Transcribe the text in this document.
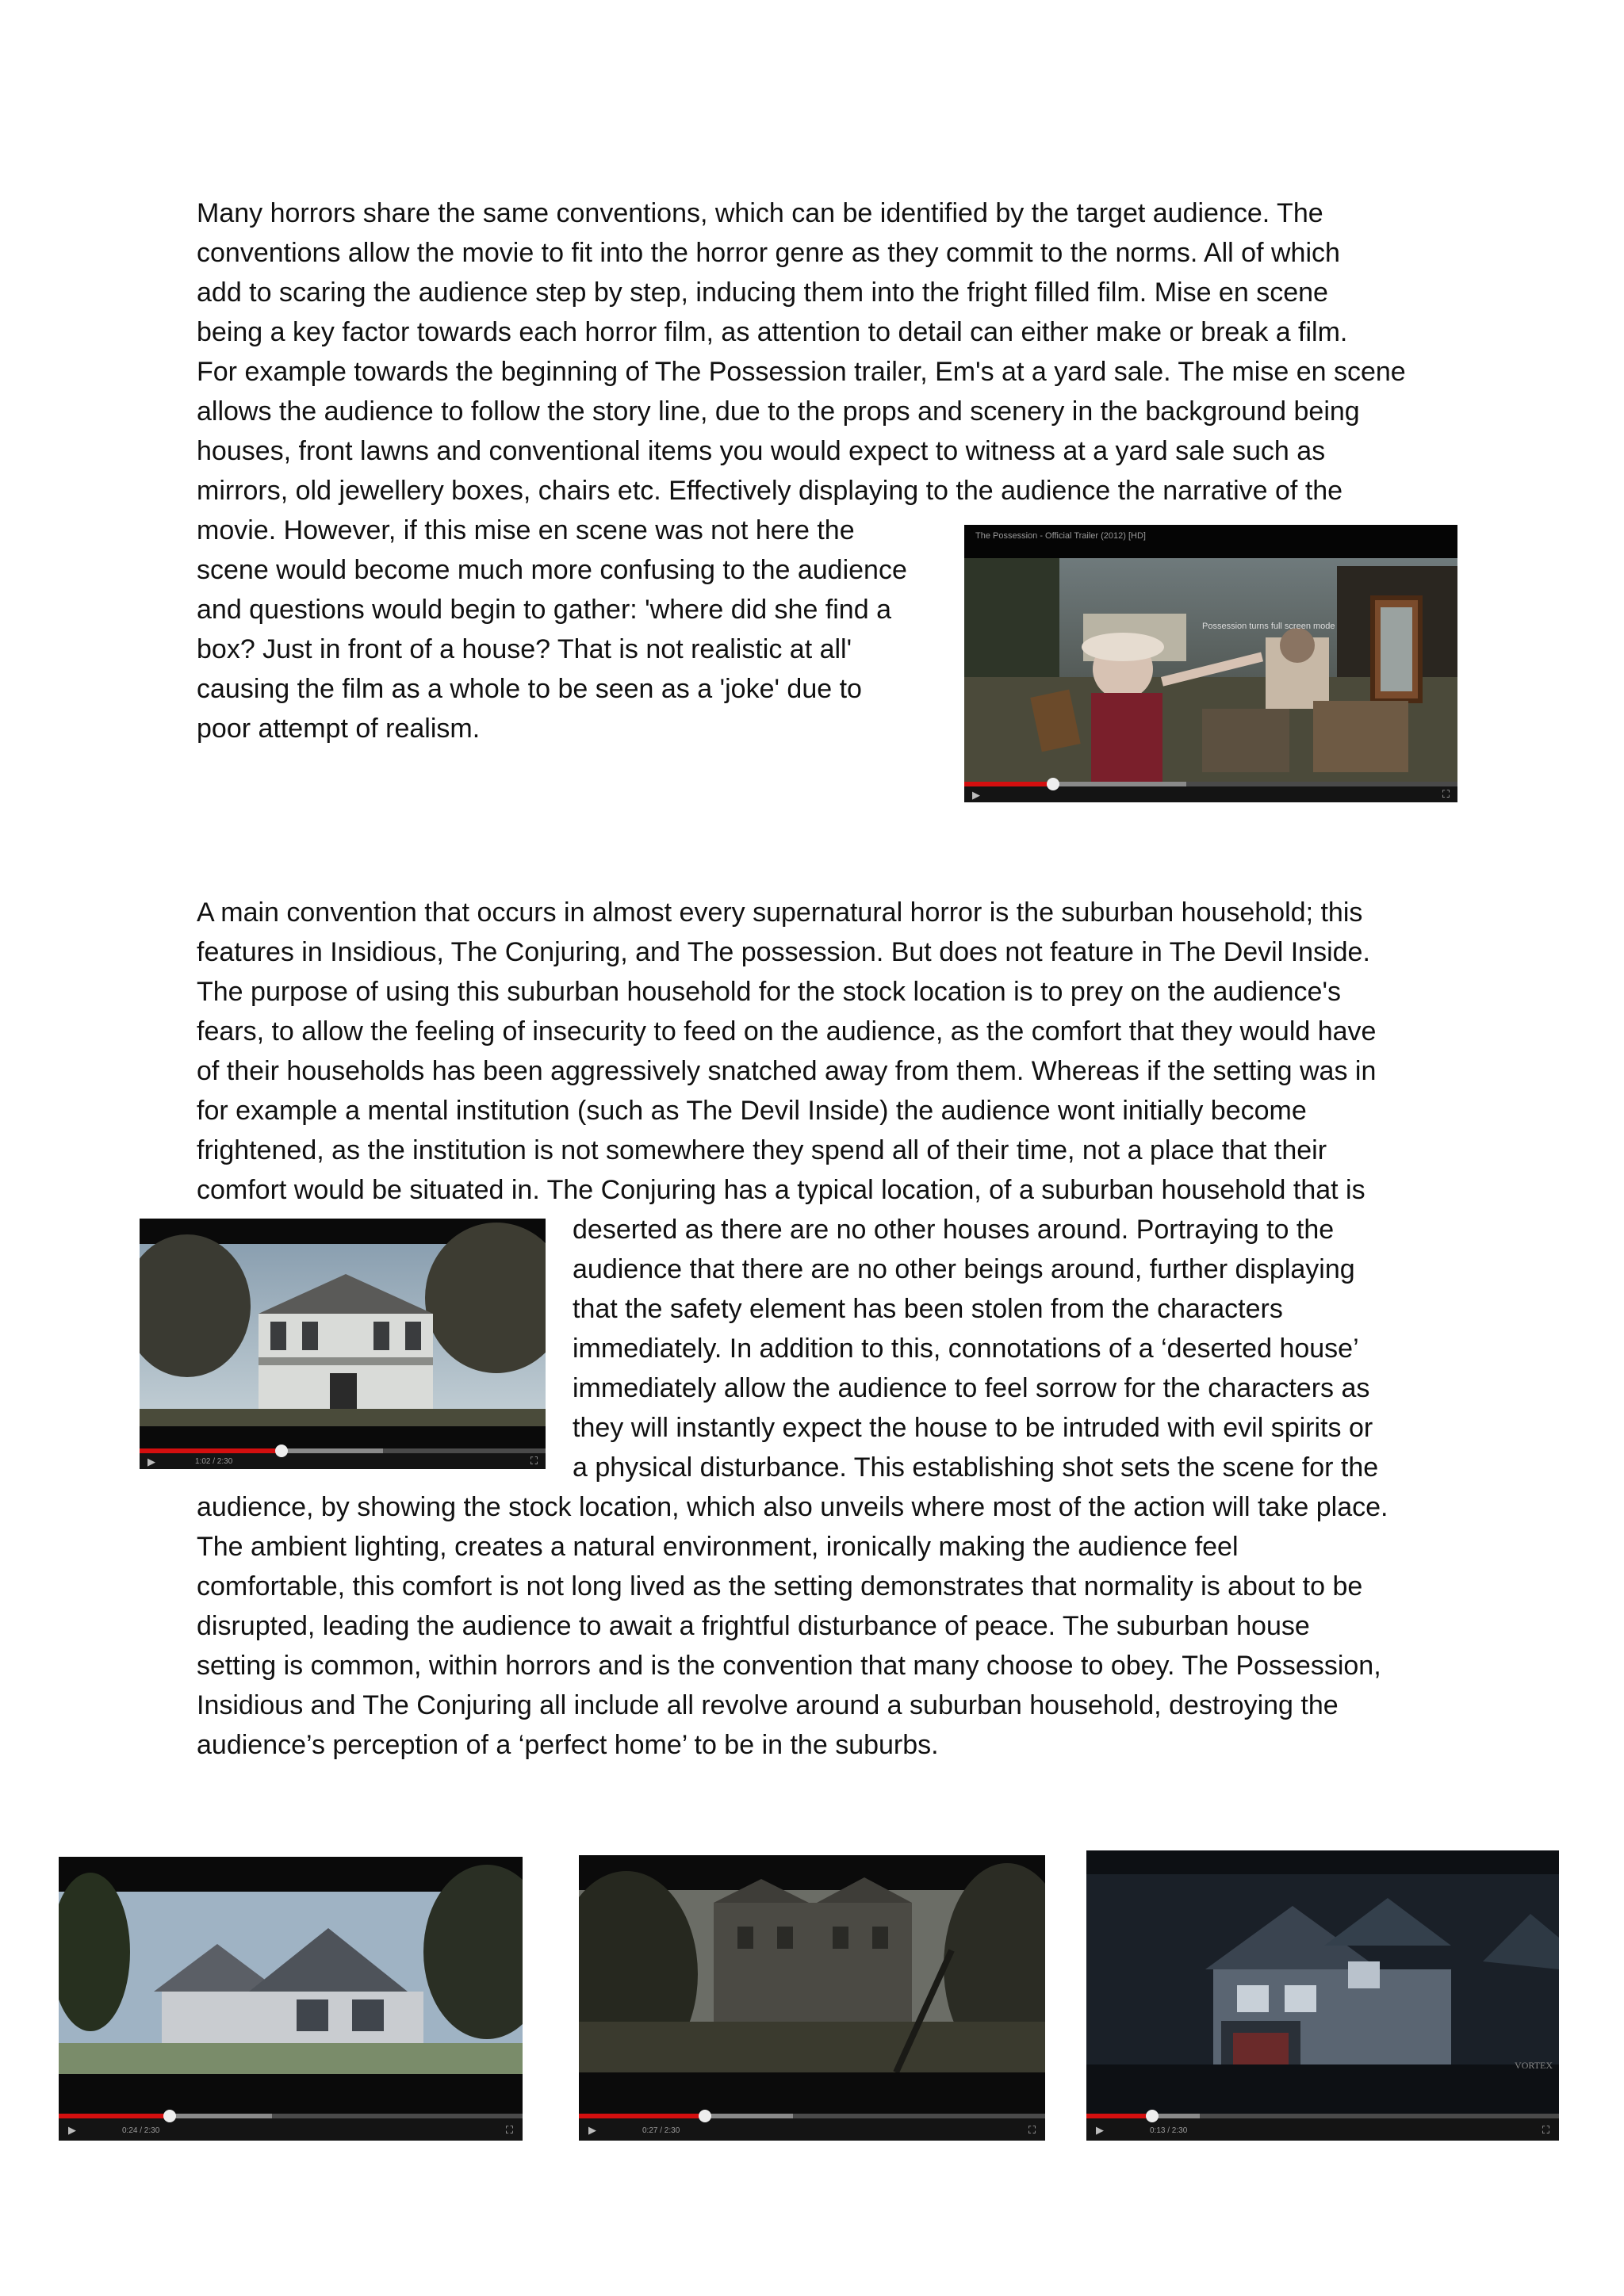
Many horrors share the same conventions, which can be identified by the target audience. The
conventions allow the movie to fit into the horror genre as they commit to the norms. All of which
add to scaring the audience step by step, inducing them into the fright filled film. Mise en scene
being a key factor towards each horror film, as attention to detail can either make or break a film.
For example towards the beginning of The Possession trailer, Em's at a yard sale. The mise en scene
allows the audience to follow the story line, due to the props and scenery in the background being
houses, front lawns and conventional items you would expect to witness at a yard sale such as
mirrors, old jewellery boxes, chairs etc. Effectively displaying to the audience the narrative of the
movie. However, if this mise en scene was not here the
scene would become much more confusing to the audience
and questions would begin to gather: 'where did she find a
box? Just in front of a house? That is not realistic at all'
causing the film as a whole to be seen as a 'joke' due to
poor attempt of realism.
The Possession - Official Trailer (2012) [HD]
Possession turns full screen mode
▶	⛶
A main convention that occurs in almost every supernatural horror is the suburban household; this
features in Insidious, The Conjuring, and The possession. But does not feature in The Devil Inside.
The purpose of using this suburban household for the stock location is to prey on the audience's
fears, to allow the feeling of insecurity to feed on the audience, as the comfort that they would have
of their households has been aggressively snatched away from them. Whereas if the setting was in
for example a mental institution (such as The Devil Inside) the audience wont initially become
frightened, as the institution is not somewhere they spend all of their time, not a place that their
comfort would be situated in. The Conjuring has a typical location, of a suburban household that is
▶	1:02 / 2:30	⛶
deserted as there are no other houses around. Portraying to the
audience that there are no other beings around, further displaying
that the safety element has been stolen from the characters
immediately. In addition to this, connotations of a ‘deserted house’
immediately allow the audience to feel sorrow for the characters as
they will instantly expect the house to be intruded with evil spirits or
a physical disturbance. This establishing shot sets the scene for the
audience, by showing the stock location, which also unveils where most of the action will take place.
The ambient lighting, creates a natural environment, ironically making the audience feel
comfortable, this comfort is not long lived as the setting demonstrates that normality is about to be
disrupted, leading the audience to await a frightful disturbance of peace. The suburban house
setting is common, within horrors and is the convention that many choose to obey. The Possession,
Insidious and The Conjuring all include all revolve around a suburban household, destroying the
audience’s perception of a ‘perfect home’ to be in the suburbs.
▶	0:24 / 2:30	⛶	▶	0:27 / 2:30	⛶
VORTEX
▶	0:13 / 2:30	⛶
